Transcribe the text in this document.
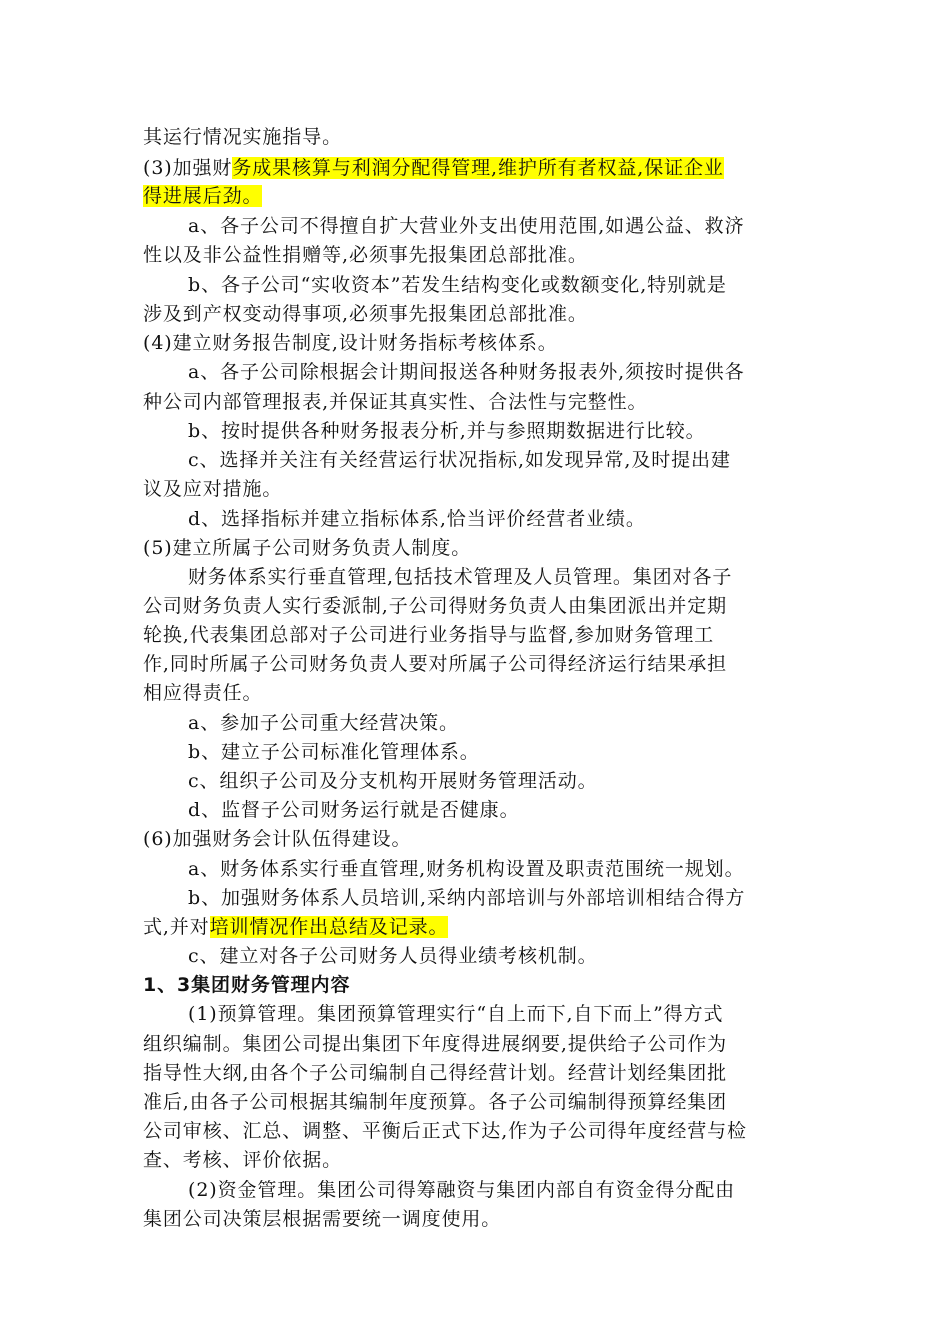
其运行情况实施指导。
(3)加强财务成果核算与利润分配得管理,维护所有者权益,保证企业
得进展后劲。
a、各子公司不得擅自扩大营业外支出使用范围,如遇公益、救济
性以及非公益性捐赠等,必须事先报集团总部批准。
b、各子公司“实收资本”若发生结构变化或数额变化,特别就是
涉及到产权变动得事项,必须事先报集团总部批准。
(4)建立财务报告制度,设计财务指标考核体系。
a、各子公司除根据会计期间报送各种财务报表外,须按时提供各
种公司内部管理报表,并保证其真实性、合法性与完整性。
b、按时提供各种财务报表分析,并与参照期数据进行比较。
c、选择并关注有关经营运行状况指标,如发现异常,及时提出建
议及应对措施。
d、选择指标并建立指标体系,恰当评价经营者业绩。
(5)建立所属子公司财务负责人制度。
财务体系实行垂直管理,包括技术管理及人员管理。集团对各子
公司财务负责人实行委派制,子公司得财务负责人由集团派出并定期
轮换,代表集团总部对子公司进行业务指导与监督,参加财务管理工
作,同时所属子公司财务负责人要对所属子公司得经济运行结果承担
相应得责任。
a、参加子公司重大经营决策。
b、建立子公司标准化管理体系。
c、组织子公司及分支机构开展财务管理活动。
d、监督子公司财务运行就是否健康。
(6)加强财务会计队伍得建设。
a、财务体系实行垂直管理,财务机构设置及职责范围统一规划。
b、加强财务体系人员培训,采纳内部培训与外部培训相结合得方
式,并对培训情况作出总结及记录。
c、建立对各子公司财务人员得业绩考核机制。
1、3集团财务管理内容
(1)预算管理。集团预算管理实行“自上而下,自下而上”得方式
组织编制。集团公司提出集团下年度得进展纲要,提供给子公司作为
指导性大纲,由各个子公司编制自己得经营计划。经营计划经集团批
准后,由各子公司根据其编制年度预算。各子公司编制得预算经集团
公司审核、汇总、调整、平衡后正式下达,作为子公司得年度经营与检
查、考核、评价依据。
(2)资金管理。集团公司得筹融资与集团内部自有资金得分配由
集团公司决策层根据需要统一调度使用。
